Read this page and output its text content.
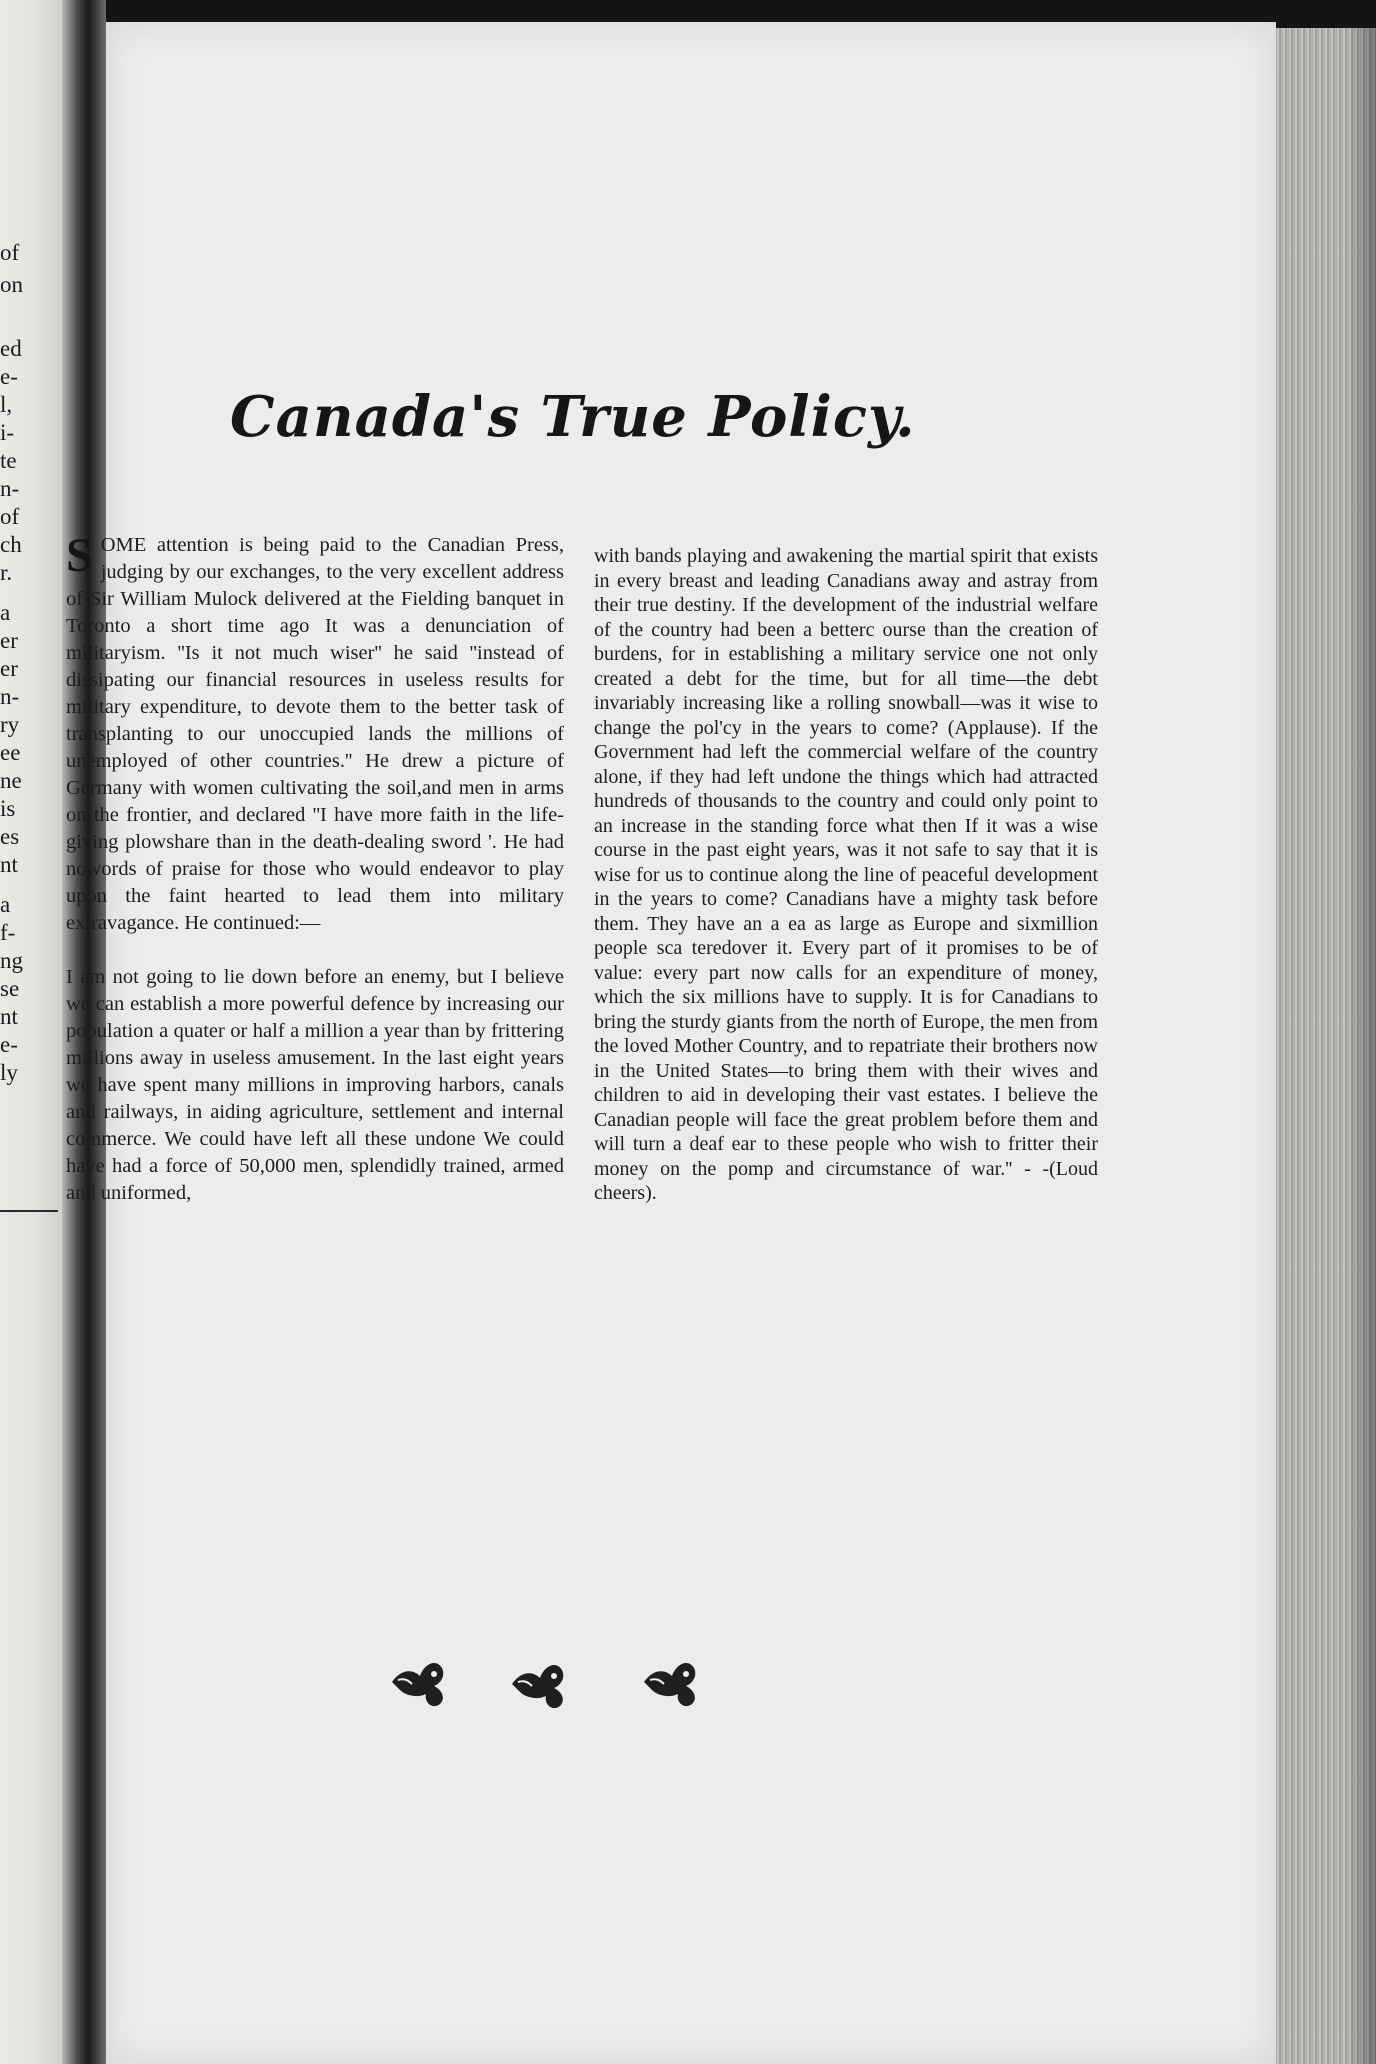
of
on
ed
e-
l,
i-
te
n-
of
ch
r.
a
er
er
n-
ry
ee
ne
is
es
nt
a
f-
ng
se
nt
e-
ly
Canada's True Policy.

SOME attention is being paid to the Canadian Press, judging by our exchanges, to the very excellent address of Sir William Mulock delivered at the Fielding banquet in Toronto a short time ago It was a denunciation of militaryism. ''Is it not much wiser'' he said ''instead of dissipating our financial resources in useless results for military expenditure, to devote them to the better task of transplanting to our unoccupied lands the millions of unemployed of other countries.'' He drew a picture of Germany with women cultivating the soil,and men in arms on the frontier, and declared ''I have more faith in the life-giving plowshare than in the death-dealing sword '. He had nowords of praise for those who would endeavor to play upon the faint hearted to lead them into military extravagance. He continued:—

I am not going to lie down before an enemy, but I believe we can establish a more powerful defence by increasing our population a quater or half a million a year than by frittering millions away in useless amusement. In the last eight years we have spent many millions in improving harbors, canals and railways, in aiding agriculture, settlement and internal commerce. We could have left all these undone We could have had a force of 50,000 men, splendidly trained, armed and uniformed,

with bands playing and awakening the martial spirit that exists in every breast and leading Canadians away and astray from their true destiny. If the development of the industrial welfare of the country had been a betterc ourse than the creation of burdens, for in establishing a military service one not only created a debt for the time, but for all time—the debt invariably increasing like a rolling snowball—was it wise to change the pol'cy in the years to come? (Applause). If the Government had left the commercial welfare of the country alone, if they had left undone the things which had attracted hundreds of thousands to the country and could only point to an increase in the standing force what then If it was a wise course in the past eight years, was it not safe to say that it is wise for us to continue along the line of peaceful development in the years to come? Canadians have a mighty task before them. They have an a ea as large as Europe and sixmillion people sca teredover it. Every part of it promises to be of value: every part now calls for an expenditure of money, which the six millions have to supply. It is for Canadians to bring the sturdy giants from the north of Europe, the men from the loved Mother Country, and to repatriate their brothers now in the United States—to bring them with their wives and children to aid in developing their vast estates. I believe the Canadian people will face the great problem before them and will turn a deaf ear to these people who wish to fritter their money on the pomp and circumstance of war.'' - -(Loud cheers).
